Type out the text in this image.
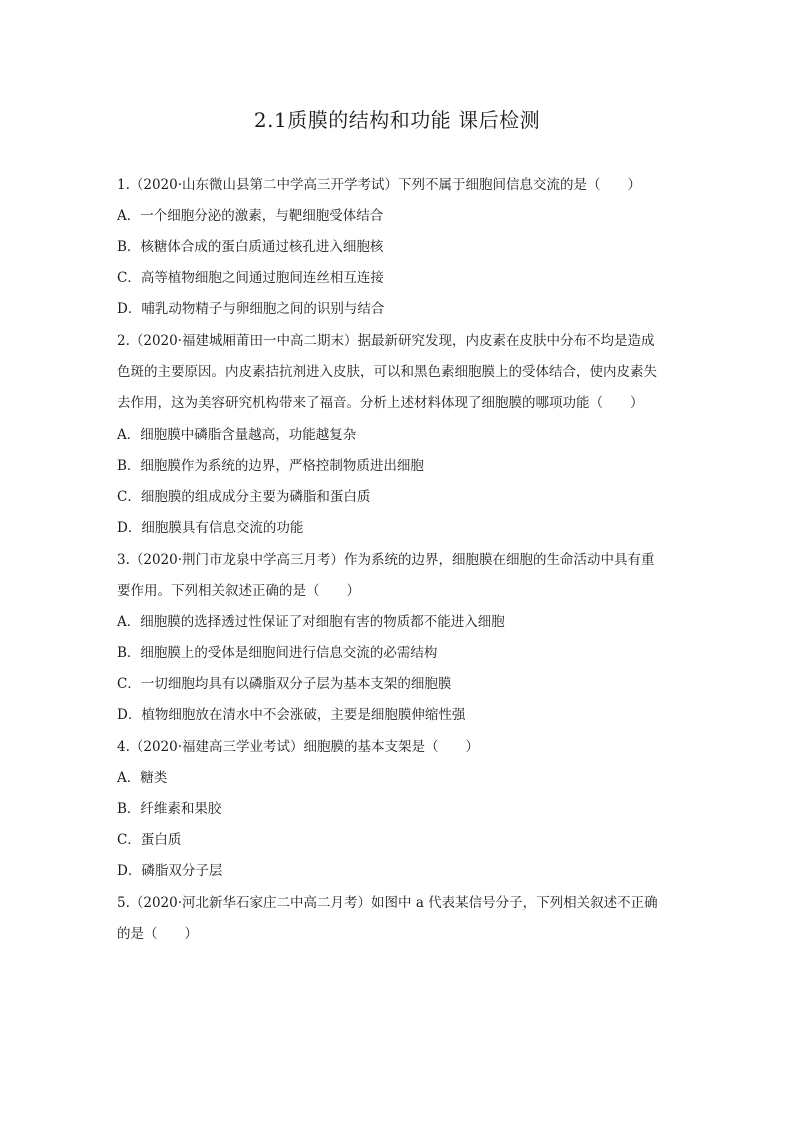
2.1质膜的结构和功能 课后检测
1.（2020·山东微山县第二中学高三开学考试）下列不属于细胞间信息交流的是（　　）
A．一个细胞分泌的激素，与靶细胞受体结合
B．核糖体合成的蛋白质通过核孔进入细胞核
C．高等植物细胞之间通过胞间连丝相互连接
D．哺乳动物精子与卵细胞之间的识别与结合
2.（2020·福建城厢莆田一中高二期末）据最新研究发现，内皮素在皮肤中分布不均是造成
色斑的主要原因。内皮素拮抗剂进入皮肤，可以和黑色素细胞膜上的受体结合，使内皮素失
去作用，这为美容研究机构带来了福音。分析上述材料体现了细胞膜的哪项功能（　　）
A．细胞膜中磷脂含量越高，功能越复杂
B．细胞膜作为系统的边界，严格控制物质进出细胞
C．细胞膜的组成成分主要为磷脂和蛋白质
D．细胞膜具有信息交流的功能
3.（2020·荆门市龙泉中学高三月考）作为系统的边界，细胞膜在细胞的生命活动中具有重
要作用。下列相关叙述正确的是（　　）
A．细胞膜的选择透过性保证了对细胞有害的物质都不能进入细胞
B．细胞膜上的受体是细胞间进行信息交流的必需结构
C．一切细胞均具有以磷脂双分子层为基本支架的细胞膜
D．植物细胞放在清水中不会涨破，主要是细胞膜伸缩性强
4.（2020·福建高三学业考试）细胞膜的基本支架是（　　）
A．糖类
B．纤维素和果胶
C．蛋白质
D．磷脂双分子层
5.（2020·河北新华石家庄二中高二月考）如图中 a 代表某信号分子，下列相关叙述不正确
的是（　　）
